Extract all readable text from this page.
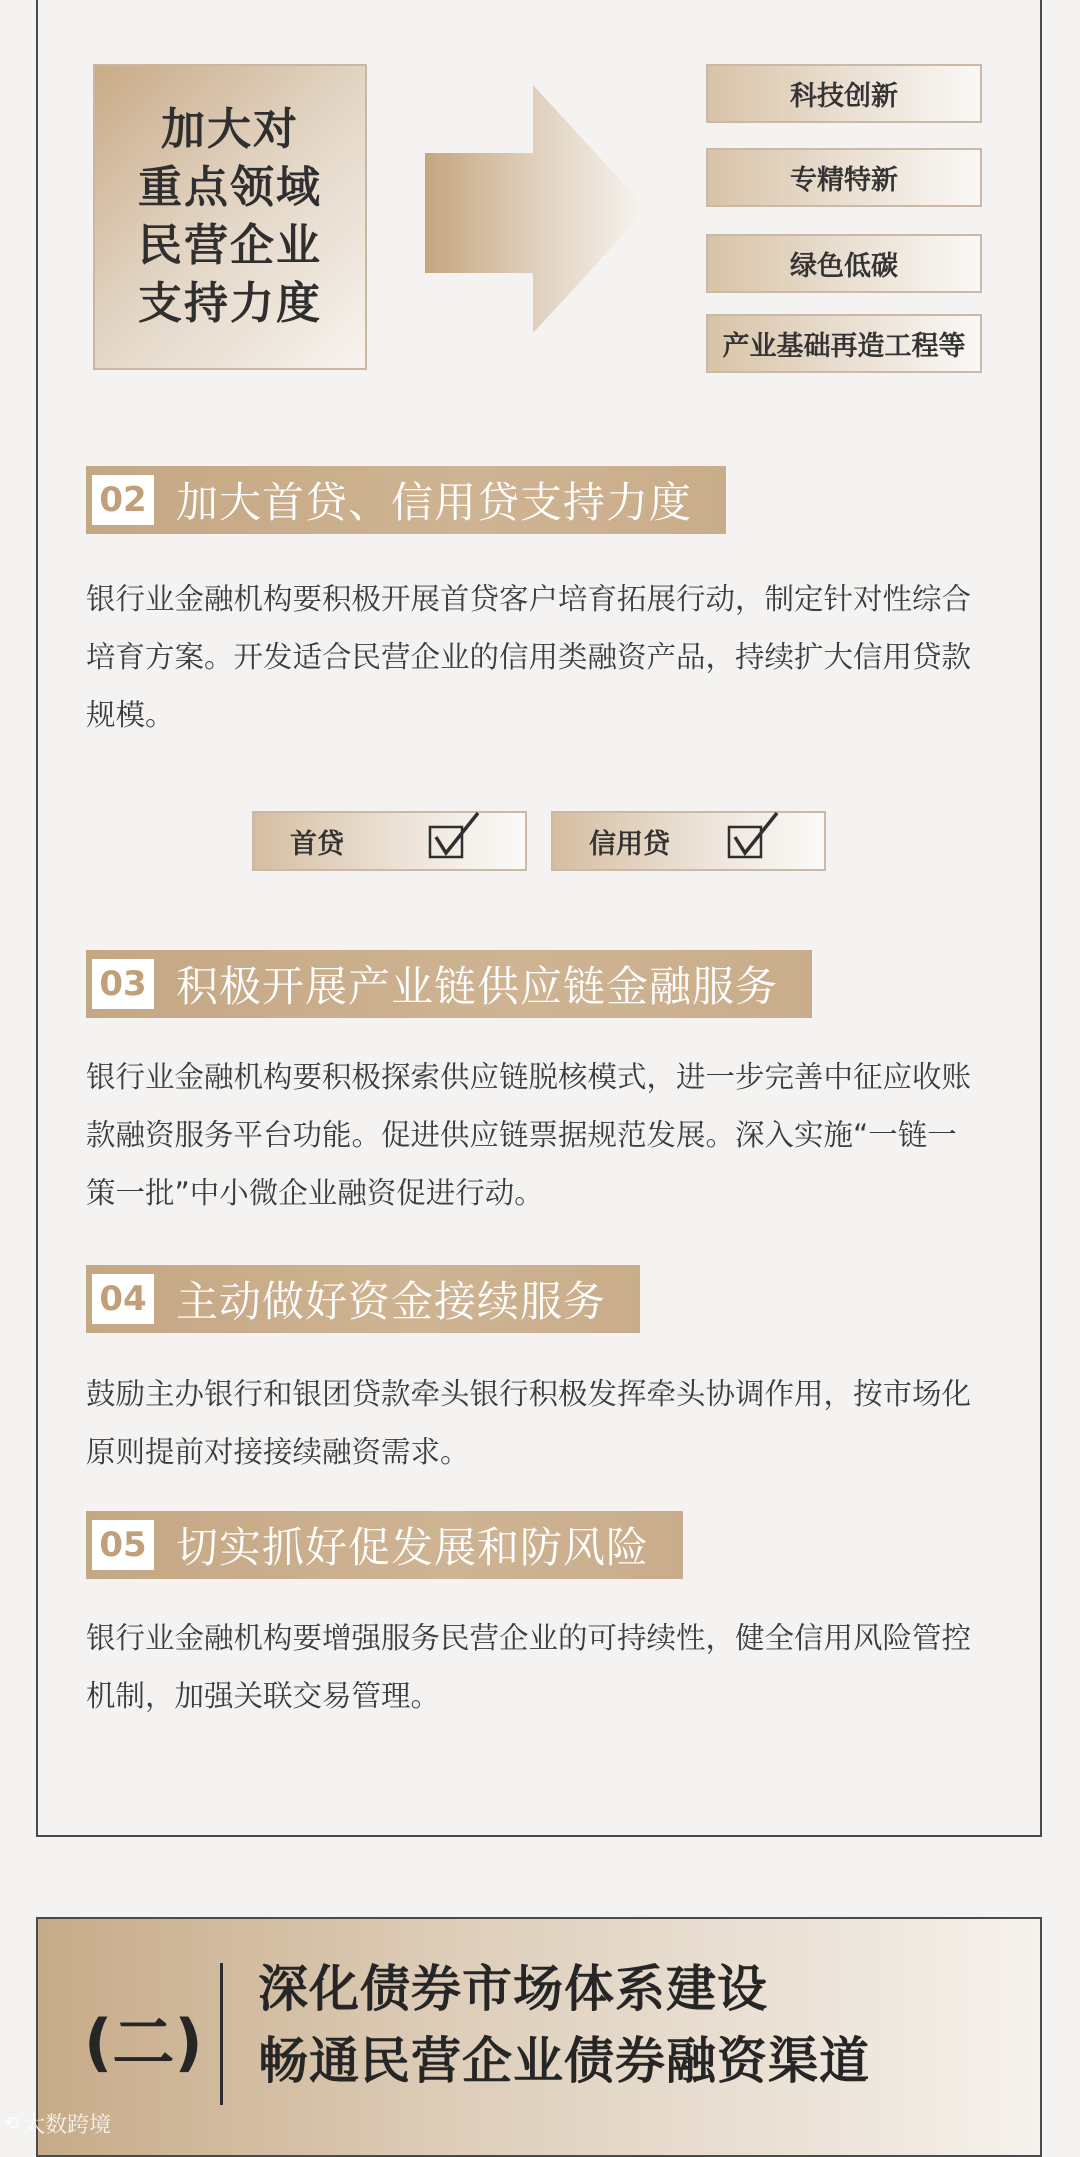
加大对
重点领域
民营企业
支持力度
科技创新
专精特新
绿色低碳
产业基础再造工程等
02 加大首贷、信用贷支持力度

银行业金融机构要积极开展首贷客户培育拓展行动，制定针对性综合培育方案。开发适合民营企业的信用类融资产品，持续扩大信用贷款规模。

首贷	信用贷
03 积极开展产业链供应链金融服务

银行业金融机构要积极探索供应链脱核模式，进一步完善中征应收账款融资服务平台功能。促进供应链票据规范发展。深入实施“一链一策一批”中小微企业融资促进行动。

04 主动做好资金接续服务

鼓励主办银行和银团贷款牵头银行积极发挥牵头协调作用，按市场化原则提前对接接续融资需求。

05 切实抓好促发展和防风险

银行业金融机构要增强服务民营企业的可持续性，健全信用风险管控机制，加强关联交易管理。

(二)
深化债券市场体系建设
畅通民营企业债券融资渠道
⟲ 大数跨境
